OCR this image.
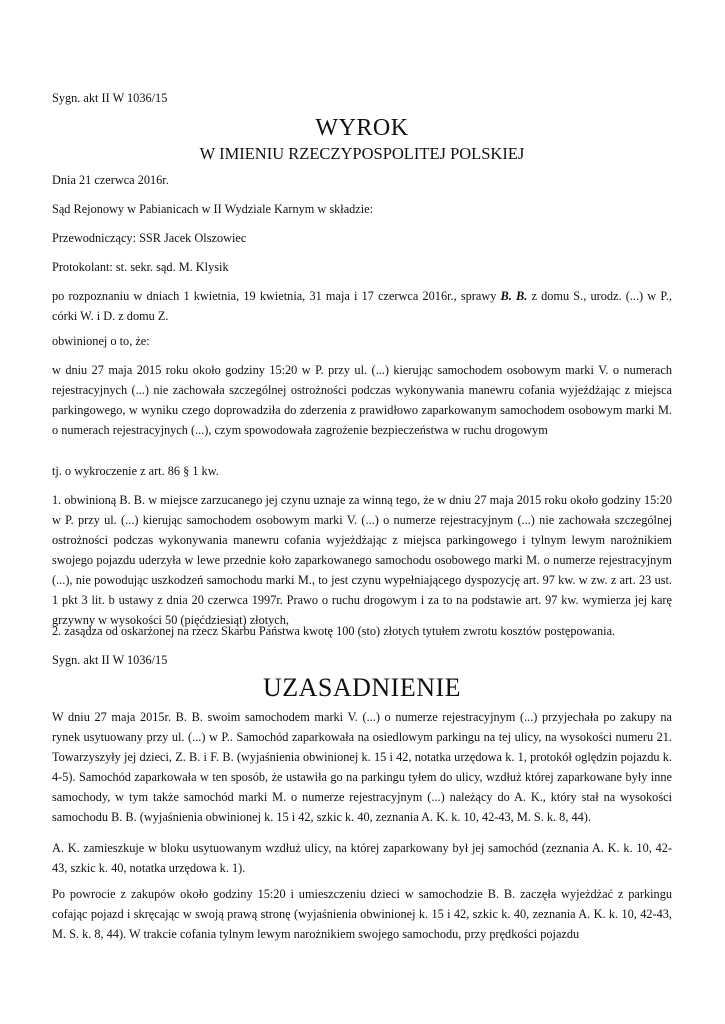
Sygn. akt II W 1036/15

WYROK

W IMIENIU RZECZYPOSPOLITEJ POLSKIEJ

Dnia 21 czerwca 2016r.

Sąd Rejonowy w Pabianicach w II Wydziale Karnym w składzie:

Przewodniczący: SSR Jacek Olszowiec

Protokolant: st. sekr. sąd. M. Klysik

po rozpoznaniu w dniach 1 kwietnia, 19 kwietnia, 31 maja i 17 czerwca 2016r., sprawy B. B. z domu S., urodz. (...) w P., córki W. i D. z domu Z.

obwinionej o to, że:

w dniu 27 maja 2015 roku około godziny 15:20 w P. przy ul. (...) kierując samochodem osobowym marki V. o numerach rejestracyjnych (...) nie zachowała szczególnej ostrożności podczas wykonywania manewru cofania wyjeżdżając z miejsca parkingowego, w wyniku czego doprowadziła do zderzenia z prawidłowo zaparkowanym samochodem osobowym marki M. o numerach rejestracyjnych (...), czym spowodowała zagrożenie bezpieczeństwa w ruchu drogowym

tj. o wykroczenie z art. 86 § 1 kw.

1. obwinioną B. B. w miejsce zarzucanego jej czynu uznaje za winną tego, że w dniu 27 maja 2015 roku około godziny 15:20 w P. przy ul. (...) kierując samochodem osobowym marki V. (...) o numerze rejestracyjnym (...) nie zachowała szczególnej ostrożności podczas wykonywania manewru cofania wyjeżdżając z miejsca parkingowego i tylnym lewym narożnikiem swojego pojazdu uderzyła w lewe przednie koło zaparkowanego samochodu osobowego marki M. o numerze rejestracyjnym (...), nie powodując uszkodzeń samochodu marki M., to jest czynu wypełniającego dyspozycję art. 97 kw. w zw. z art. 23 ust. 1 pkt 3 lit. b ustawy z dnia 20 czerwca 1997r. Prawo o ruchu drogowym i za to na podstawie art. 97 kw. wymierza jej karę grzywny w wysokości 50 (pięćdziesiąt) złotych,

2. zasądza od oskarżonej na rzecz Skarbu Państwa kwotę 100 (sto) złotych tytułem zwrotu kosztów postępowania.

Sygn. akt II W 1036/15

UZASADNIENIE

W dniu 27 maja 2015r. B. B. swoim samochodem marki V. (...) o numerze rejestracyjnym (...) przyjechała po zakupy na rynek usytuowany przy ul. (...) w P.. Samochód zaparkowała na osiedlowym parkingu na tej ulicy, na wysokości numeru 21. Towarzyszyły jej dzieci, Z. B. i F. B. (wyjaśnienia obwinionej k. 15 i 42, notatka urzędowa k. 1, protokół oględzin pojazdu k. 4-5). Samochód zaparkowała w ten sposób, że ustawiła go na parkingu tyłem do ulicy, wzdłuż której zaparkowane były inne samochody, w tym także samochód marki M. o numerze rejestracyjnym (...) należący do A. K., który stał na wysokości samochodu B. B. (wyjaśnienia obwinionej k. 15 i 42, szkic k. 40, zeznania A. K. k. 10, 42-43, M. S. k. 8, 44).

A. K. zamieszkuje w bloku usytuowanym wzdłuż ulicy, na której zaparkowany był jej samochód (zeznania A. K. k. 10, 42-43, szkic k. 40, notatka urzędowa k. 1).

Po powrocie z zakupów około godziny 15:20 i umieszczeniu dzieci w samochodzie B. B. zaczęła wyjeżdżać z parkingu cofając pojazd i skręcając w swoją prawą stronę (wyjaśnienia obwinionej k. 15 i 42, szkic k. 40, zeznania A. K. k. 10, 42-43, M. S. k. 8, 44). W trakcie cofania tylnym lewym narożnikiem swojego samochodu, przy prędkości pojazdu
